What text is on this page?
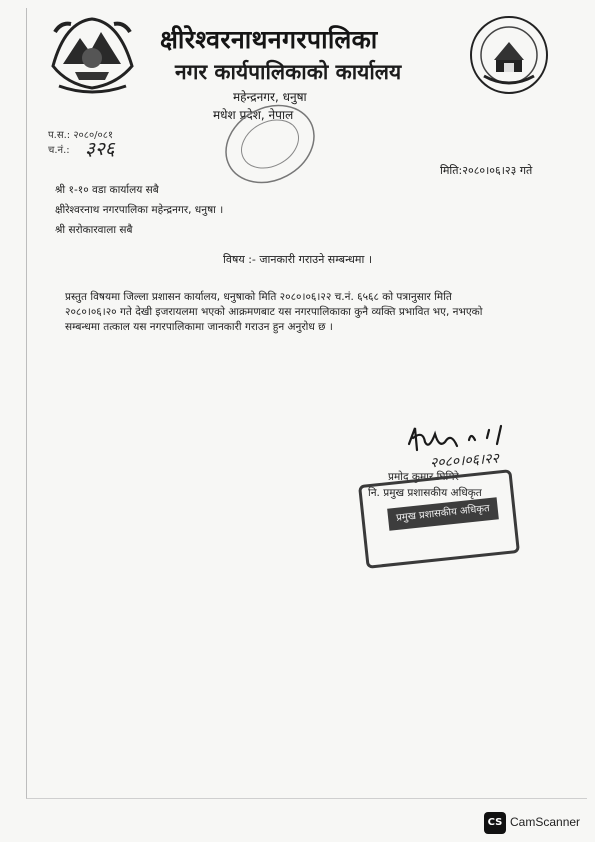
क्षीरेश्वरनाथनगरपालिका
नगर कार्यपालिकाको कार्यालय
महेन्द्रनगर, धनुषा
मधेश प्रदेश, नेपाल
प.स.: २०८०/०८१
च.नं.: ३२६
मिति:२०८०।०६।२३ गते
श्री १-१० वडा कार्यालय सबै
क्षीरेश्वरनाथ नगरपालिका महेन्द्रनगर, धनुषा ।
श्री सरोकारवाला सबै
विषय :- जानकारी गराउने सम्बन्धमा ।
प्रस्तुत विषयमा जिल्ला प्रशासन कार्यालय, धनुषाको मिति २०८०।०६।२२ च.नं. ६५६८ को पत्रानुसार मिति
२०८०।०६।२० गते देखी इजरायलमा भएको आक्रमणबाट यस नगरपालिकाका कुनै व्यक्ति प्रभावित भए, नभएको
सम्बन्धमा तत्काल यस नगरपालिकामा जानकारी गराउन हुन अनुरोध छ ।
२०८०।०६।२२
प्रमोद कुमार घिमिरे
नि. प्रमुख प्रशासकीय अधिकृत
प्रमुख प्रशासकीय अधिकृत
CS CamScanner
